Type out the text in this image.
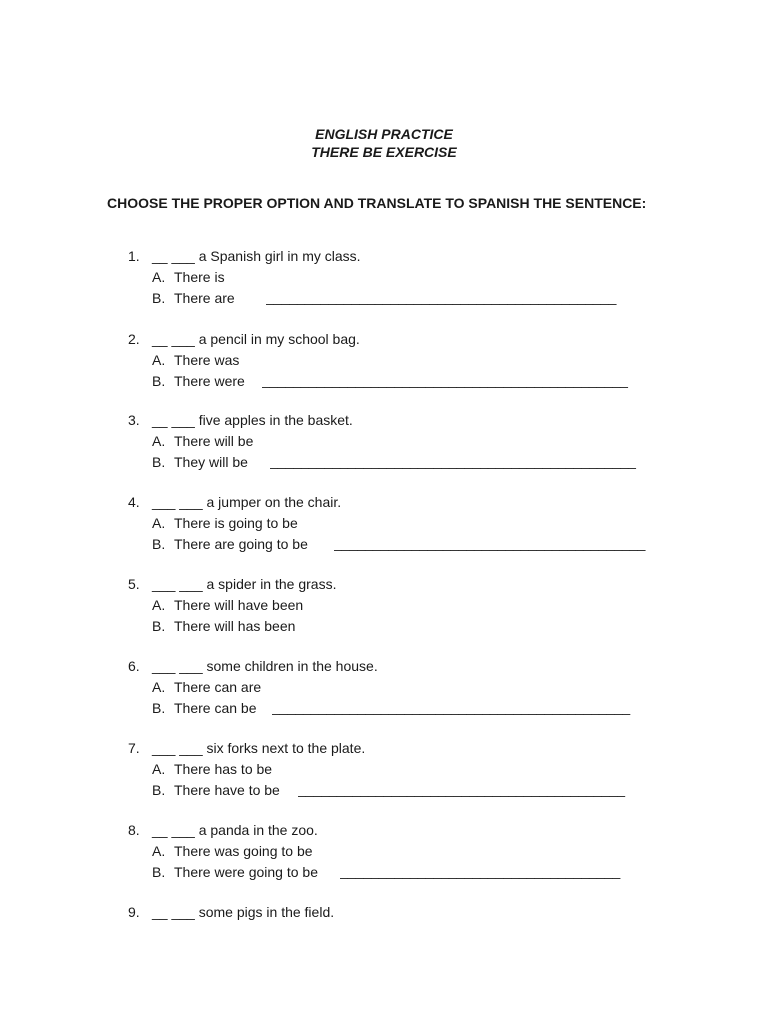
ENGLISH PRACTICE
THERE BE EXERCISE
CHOOSE THE PROPER OPTION AND TRANSLATE TO SPANISH THE SENTENCE:
1. __ ___ a Spanish girl in my class.
A. There is
B. There are _____________________________________________
2. __ ___ a pencil in my school bag.
A. There was
B. There were _______________________________________________
3. __ ___ five apples in the basket.
A. There will be
B. They will be _______________________________________________
4. ___ ___ a jumper on the chair.
A. There is going to be
B. There are going to be ________________________________________
5. ___ ___ a spider in the grass.
A. There will have been
B. There will has been
6. ___ ___ some children in the house.
A. There can are
B. There can be ______________________________________________
7. ___ ___ six forks next to the plate.
A. There has to be
B. There have to be __________________________________________
8. __ ___ a panda in the zoo.
A. There was going to be
B. There were going to be ____________________________________
9. __ ___ some pigs in the field.
